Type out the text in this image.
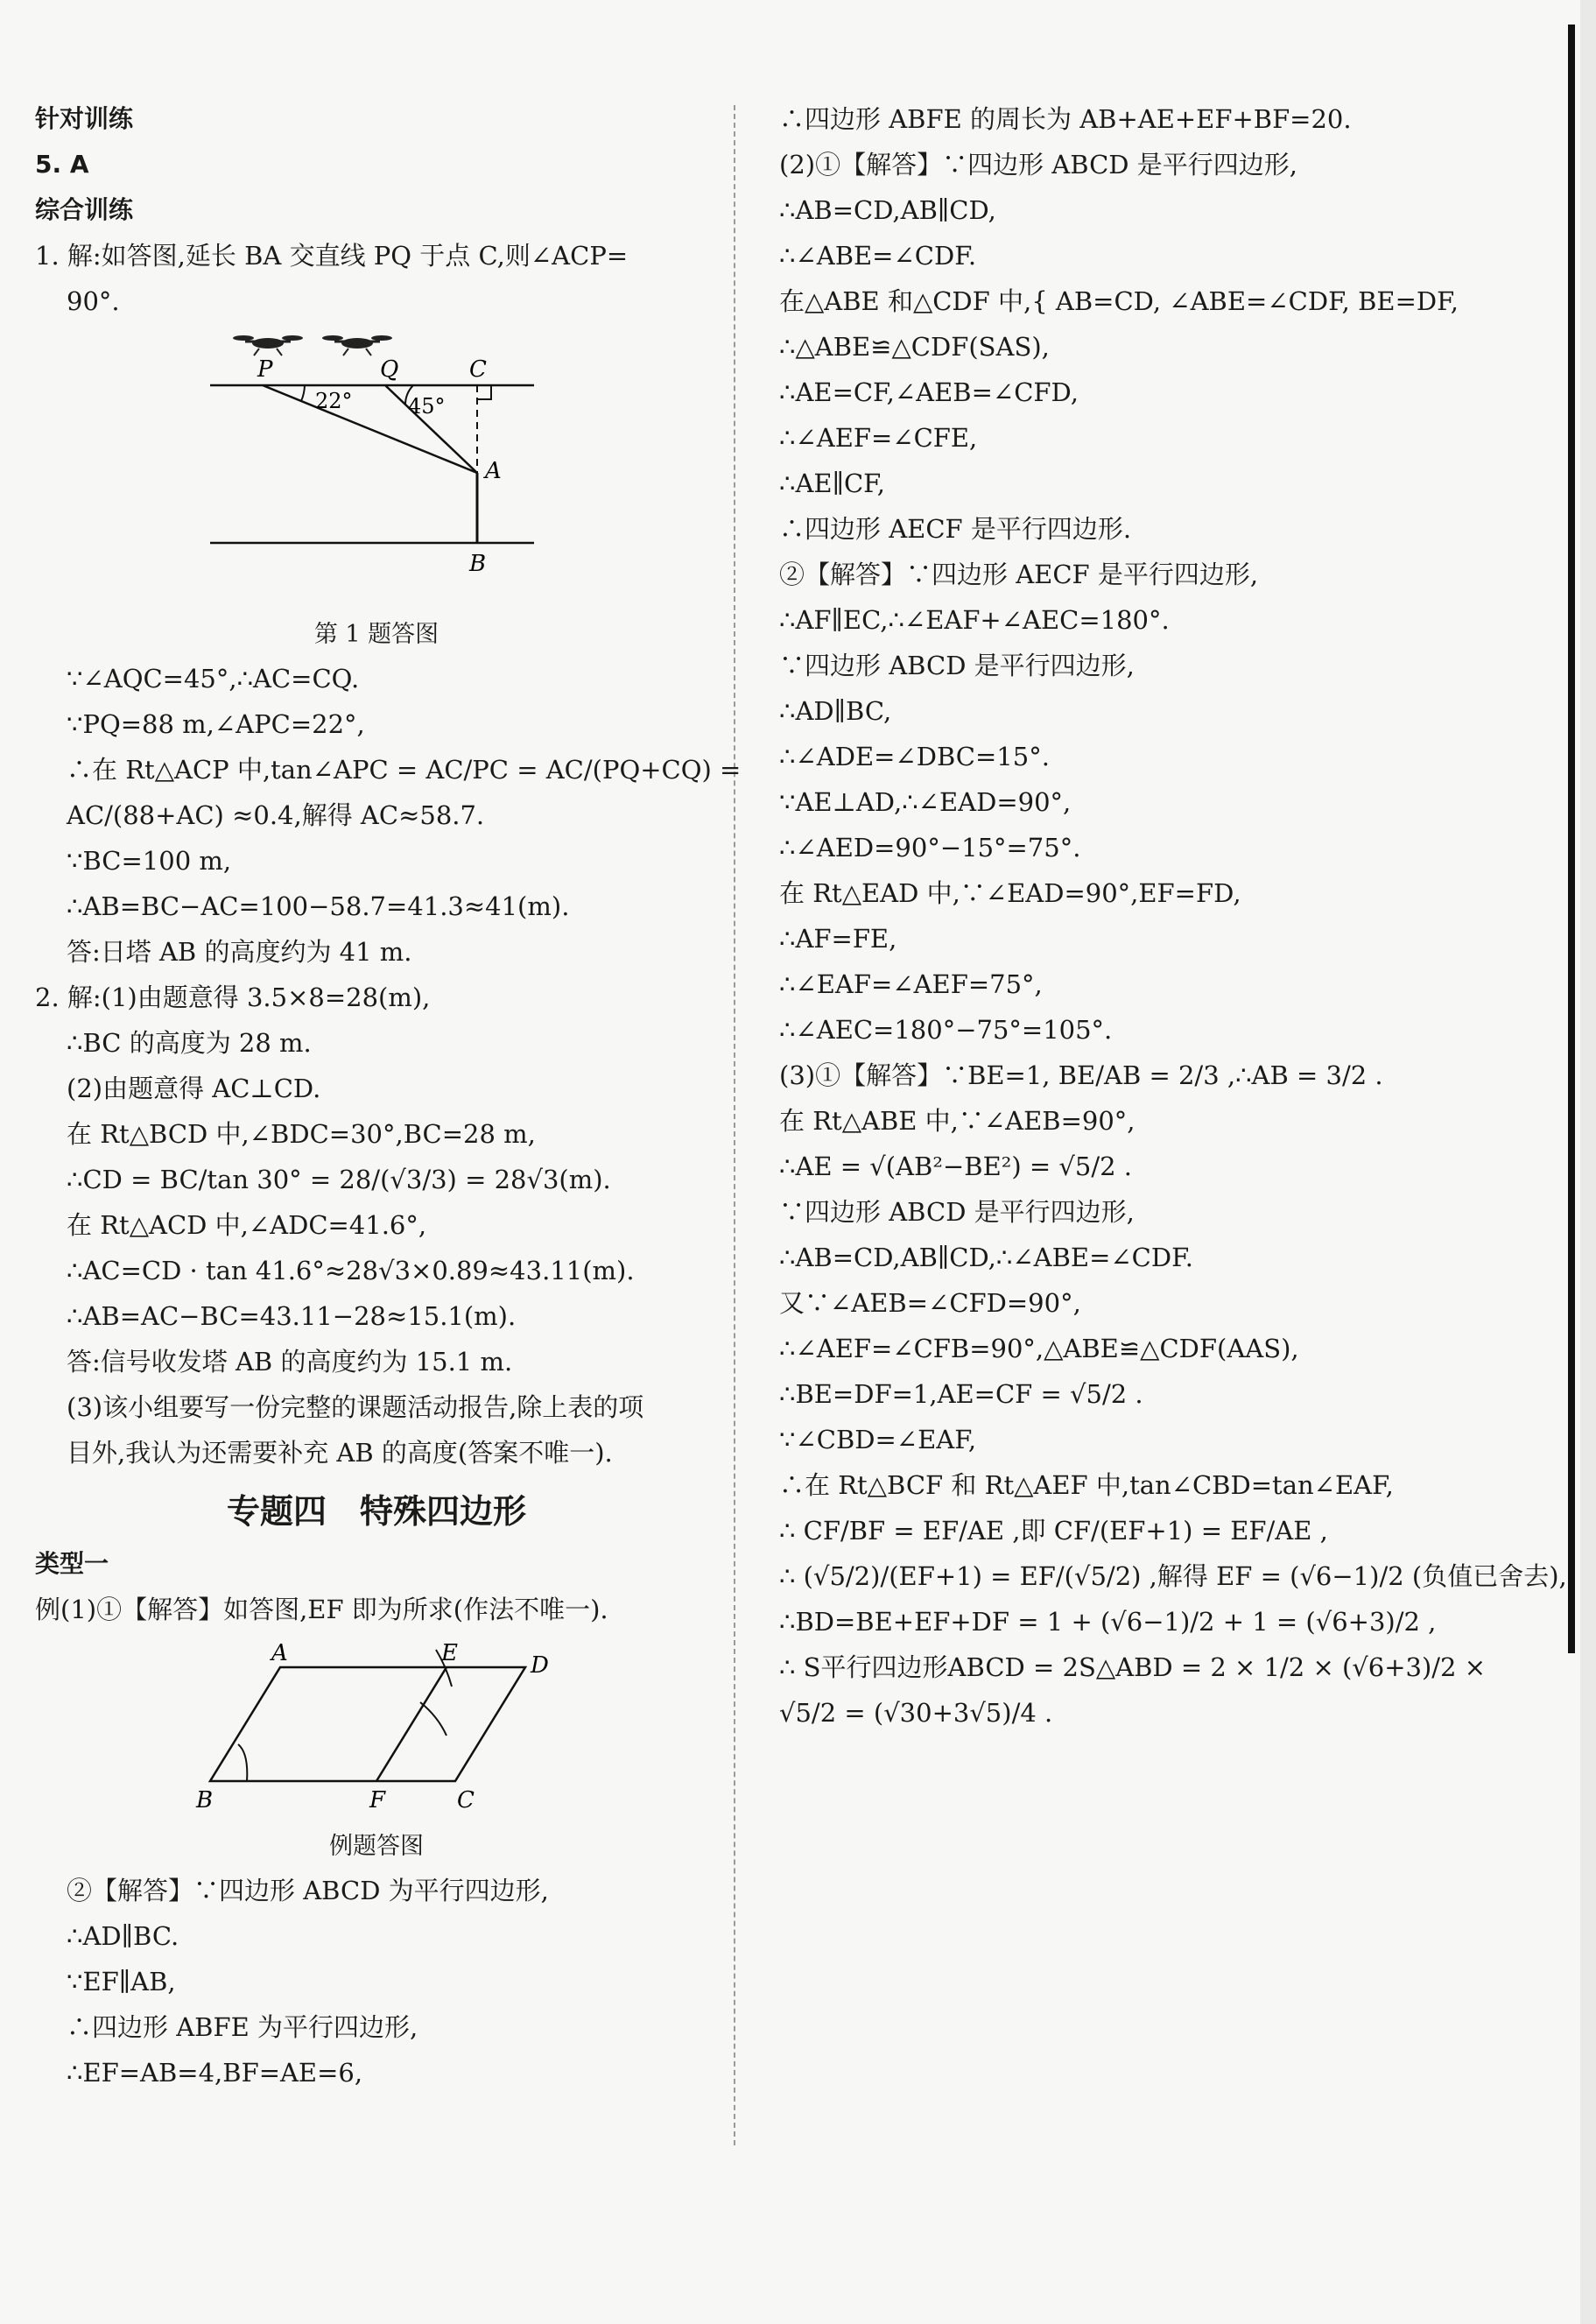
针对训练
5. A
综合训练
1. 解:如答图,延长 BA 交直线 PQ 于点 C,则∠ACP=
90°.
P	Q	C
A
B
22°	45°
第 1 题答图
∵∠AQC=45°,∴AC=CQ.
∵PQ=88 m,∠APC=22°,
∴在 Rt△ACP 中,tan∠APC = AC/PC = AC/(PQ+CQ) =
AC/(88+AC) ≈0.4,解得 AC≈58.7.
∵BC=100 m,
∴AB=BC−AC=100−58.7=41.3≈41(m).
答:日塔 AB 的高度约为 41 m.
2. 解:(1)由题意得 3.5×8=28(m),
∴BC 的高度为 28 m.
(2)由题意得 AC⊥CD.
在 Rt△BCD 中,∠BDC=30°,BC=28 m,
∴CD = BC/tan 30° = 28/(√3/3) = 28√3(m).
在 Rt△ACD 中,∠ADC=41.6°,
∴AC=CD · tan 41.6°≈28√3×0.89≈43.11(m).
∴AB=AC−BC=43.11−28≈15.1(m).
答:信号收发塔 AB 的高度约为 15.1 m.
(3)该小组要写一份完整的课题活动报告,除上表的项
目外,我认为还需要补充 AB 的高度(答案不唯一).
专题四　特殊四边形
类型一
例(1)①【解答】如答图,EF 即为所求(作法不唯一).
A	E	D
B	F	C
例题答图
②【解答】∵四边形 ABCD 为平行四边形,
∴AD∥BC.
∵EF∥AB,
∴四边形 ABFE 为平行四边形,
∴EF=AB=4,BF=AE=6,
∴四边形 ABFE 的周长为 AB+AE+EF+BF=20.
(2)①【解答】∵四边形 ABCD 是平行四边形,
∴AB=CD,AB∥CD,
∴∠ABE=∠CDF.
在△ABE 和△CDF 中,{ AB=CD, ∠ABE=∠CDF, BE=DF,
∴△ABE≌△CDF(SAS),
∴AE=CF,∠AEB=∠CFD,
∴∠AEF=∠CFE,
∴AE∥CF,
∴四边形 AECF 是平行四边形.
②【解答】∵四边形 AECF 是平行四边形,
∴AF∥EC,∴∠EAF+∠AEC=180°.
∵四边形 ABCD 是平行四边形,
∴AD∥BC,
∴∠ADE=∠DBC=15°.
∵AE⊥AD,∴∠EAD=90°,
∴∠AED=90°−15°=75°.
在 Rt△EAD 中,∵∠EAD=90°,EF=FD,
∴AF=FE,
∴∠EAF=∠AEF=75°,
∴∠AEC=180°−75°=105°.
(3)①【解答】∵BE=1, BE/AB = 2/3 ,∴AB = 3/2 .
在 Rt△ABE 中,∵∠AEB=90°,
∴AE = √(AB²−BE²) = √5/2 .
∵四边形 ABCD 是平行四边形,
∴AB=CD,AB∥CD,∴∠ABE=∠CDF.
又∵∠AEB=∠CFD=90°,
∴∠AEF=∠CFB=90°,△ABE≌△CDF(AAS),
∴BE=DF=1,AE=CF = √5/2 .
∵∠CBD=∠EAF,
∴在 Rt△BCF 和 Rt△AEF 中,tan∠CBD=tan∠EAF,
∴ CF/BF = EF/AE ,即 CF/(EF+1) = EF/AE ,
∴ (√5/2)/(EF+1) = EF/(√5/2) ,解得 EF = (√6−1)/2 (负值已舍去),
∴BD=BE+EF+DF = 1 + (√6−1)/2 + 1 = (√6+3)/2 ,
∴ S平行四边形ABCD = 2S△ABD = 2 × 1/2 × (√6+3)/2 ×
√5/2 = (√30+3√5)/4 .
